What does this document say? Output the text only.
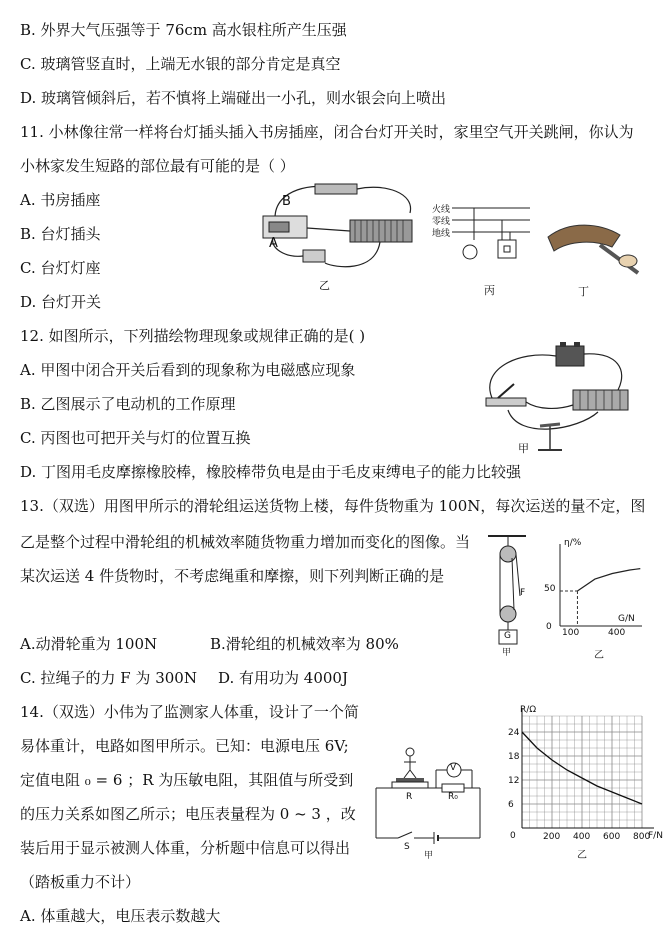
B. 外界大气压强等于 76cm 高水银柱所产生压强
C. 玻璃管竖直时，上端无水银的部分肯定是真空
D. 玻璃管倾斜后，若不慎将上端碰出一小孔，则水银会向上喷出
11. 小林像往常一样将台灯插头插入书房插座，闭合台灯开关时，家里空气开关跳闸，你认为
小林家发生短路的部位最有可能的是（ ）
A. 书房插座
B. 台灯插头
C. 台灯灯座
D. 台灯开关
B
A
乙
火线
零线
地线
丙	丁
12. 如图所示，下列描绘物理现象或规律正确的是( )
A. 甲图中闭合开关后看到的现象称为电磁感应现象
B. 乙图展示了电动机的工作原理
C. 丙图也可把开关与灯的位置互换
D. 丁图用毛皮摩擦橡胶棒，橡胶棒带负电是由于毛皮束缚电子的能力比较强
甲
13.（双选）用图甲所示的滑轮组运送货物上楼，每件货物重为 100N，每次运送的量不定，图
乙是整个过程中滑轮组的机械效率随货物重力增加而变化的图像。当
某次运送 4 件货物时，不考虑绳重和摩擦，则下列判断正确的是
A.动滑轮重为 100N	B.滑轮组的机械效率为 80%
C. 拉绳子的力 F 为 300N D. 有用功为 4000J
F
G
甲
η/%
G/N
50
0
100	400
乙
14.（双选）小伟为了监测家人体重，设计了一个简
易体重计，电路如图甲所示。已知：电源电压 6V;
定值电阻 ₀ = 6 ；R 为压敏电阻，其阻值与所受到
的压力关系如图乙所示；电压表量程为 0 ~ 3 ，改
装后用于显示被测人体重，分析题中信息可以得出
（踏板重力不计）
A. 体重越大，电压表示数越大
V
R	R₀
S
甲
24
18
12
6
200 400 600 800
R/Ω
F/N
0
乙
